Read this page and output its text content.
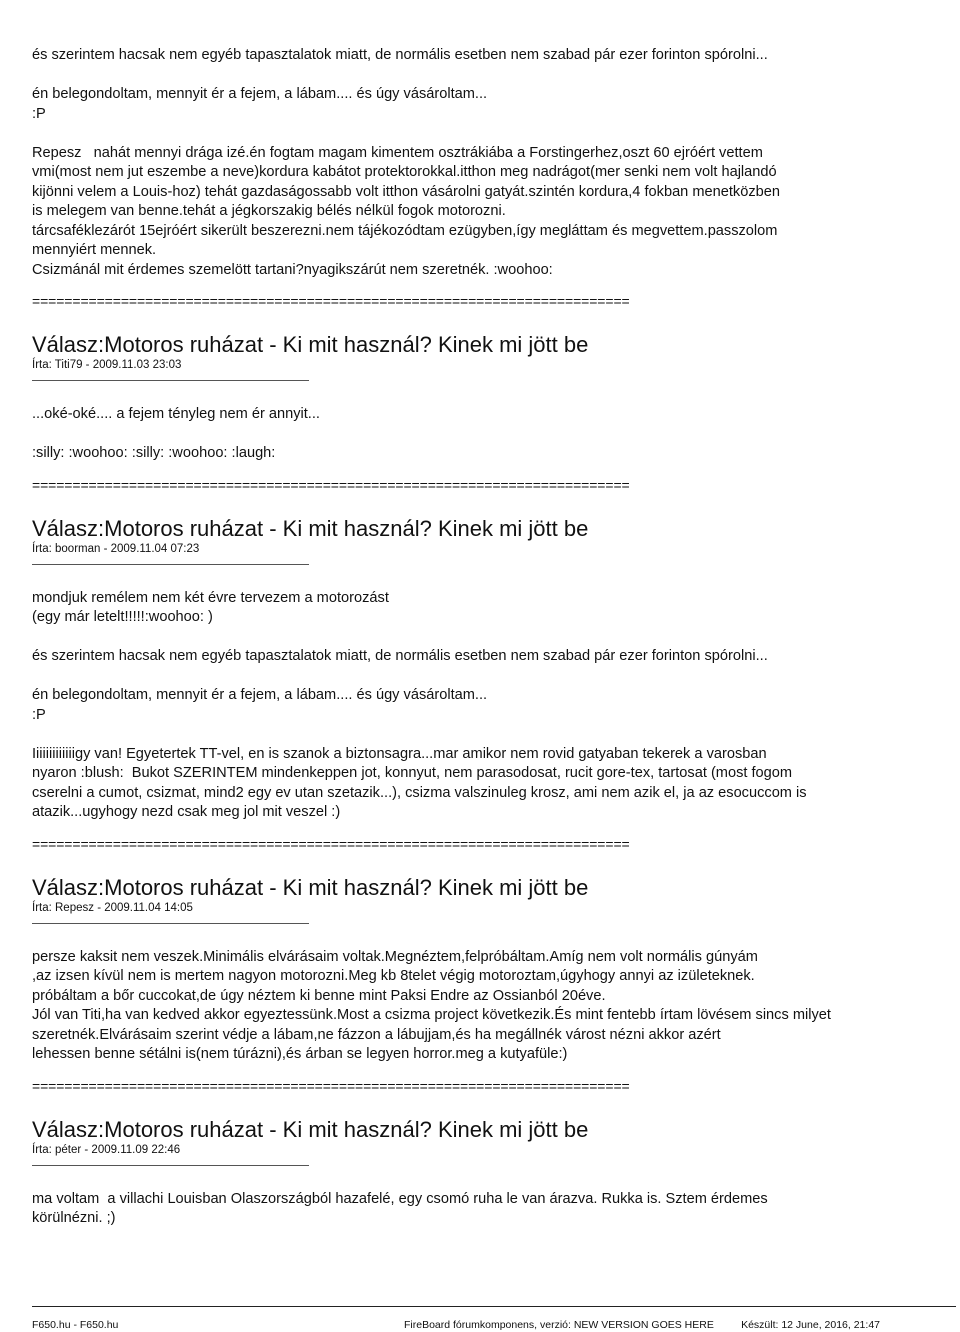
és szerintem hacsak nem egyéb tapasztalatok miatt, de normális esetben nem szabad pár ezer forinton spórolni...

én belegondoltam, mennyit ér a fejem, a lábam.... és úgy vásároltam...
:P

Repesz   nahát mennyi drága izé.én fogtam magam kimentem osztrákiába a Forstingerhez,oszt 60 ejróért vettem
vmi(most nem jut eszembe a neve)kordura kabátot protektorokkal.itthon meg nadrágot(mer senki nem volt hajlandó
kijönni velem a Louis-hoz) tehát gazdaságossabb volt itthon vásárolni gatyát.szintén kordura,4 fokban menetközben
is melegem van benne.tehát a jégkorszakig bélés nélkül fogok motorozni.
tárcsaféklezárót 15ejróért sikerült beszerezni.nem tájékozódtam ezügyben,így megláttam és megvettem.passzolom
mennyiért mennek.
Csizmánál mit érdemes szemelött tartani?nyagikszárút nem szeretnék. :woohoo:

==========================================================================

Válasz:Motoros ruházat - Ki mit használ? Kinek mi jött be

Írta: Titi79 - 2009.11.03 23:03

...oké-oké.... a fejem tényleg nem ér annyit...

:silly: :woohoo: :silly: :woohoo: :laugh:

==========================================================================

Válasz:Motoros ruházat - Ki mit használ? Kinek mi jött be

Írta: boorman - 2009.11.04 07:23

mondjuk remélem nem két évre tervezem a motorozást
(egy már letelt!!!!!:woohoo: )

és szerintem hacsak nem egyéb tapasztalatok miatt, de normális esetben nem szabad pár ezer forinton spórolni...

én belegondoltam, mennyit ér a fejem, a lábam.... és úgy vásároltam...
:P

Iiiiiiiiiiiiigy van! Egyetertek TT-vel, en is szanok a biztonsagra...mar amikor nem rovid gatyaban tekerek a varosban
nyaron :blush:  Bukot SZERINTEM mindenkeppen jot, konnyut, nem parasodosat, rucit gore-tex, tartosat (most fogom
cserelni a cumot, csizmat, mind2 egy ev utan szetazik...), csizma valszinuleg krosz, ami nem azik el, ja az esocuccom is
atazik...ugyhogy nezd csak meg jol mit veszel :)

==========================================================================

Válasz:Motoros ruházat - Ki mit használ? Kinek mi jött be

Írta: Repesz - 2009.11.04 14:05

persze kaksit nem veszek.Minimális elvárásaim voltak.Megnéztem,felpróbáltam.Amíg nem volt normális gúnyám
,az izsen kívül nem is mertem nagyon motorozni.Meg kb 8telet végig motoroztam,úgyhogy annyi az izületeknek.
próbáltam a bőr cuccokat,de úgy néztem ki benne mint Paksi Endre az Ossianból 20éve.
Jól van Titi,ha van kedved akkor egyeztessünk.Most a csizma project következik.És mint fentebb írtam lövésem sincs milyet
szeretnék.Elvárásaim szerint védje a lábam,ne fázzon a lábujjam,és ha megállnék várost nézni akkor azért
lehessen benne sétálni is(nem túrázni),és árban se legyen horror.meg a kutyafüle:)

==========================================================================

Válasz:Motoros ruházat - Ki mit használ? Kinek mi jött be

Írta: péter - 2009.11.09 22:46

ma voltam  a villachi Louisban Olaszországból hazafelé, egy csomó ruha le van árazva. Rukka is. Sztem érdemes
körülnézni. ;)

F650.hu - F650.hu	FireBoard fórumkomponens, verzió: NEW VERSION GOES HERE	Készült: 12 June, 2016, 21:47
